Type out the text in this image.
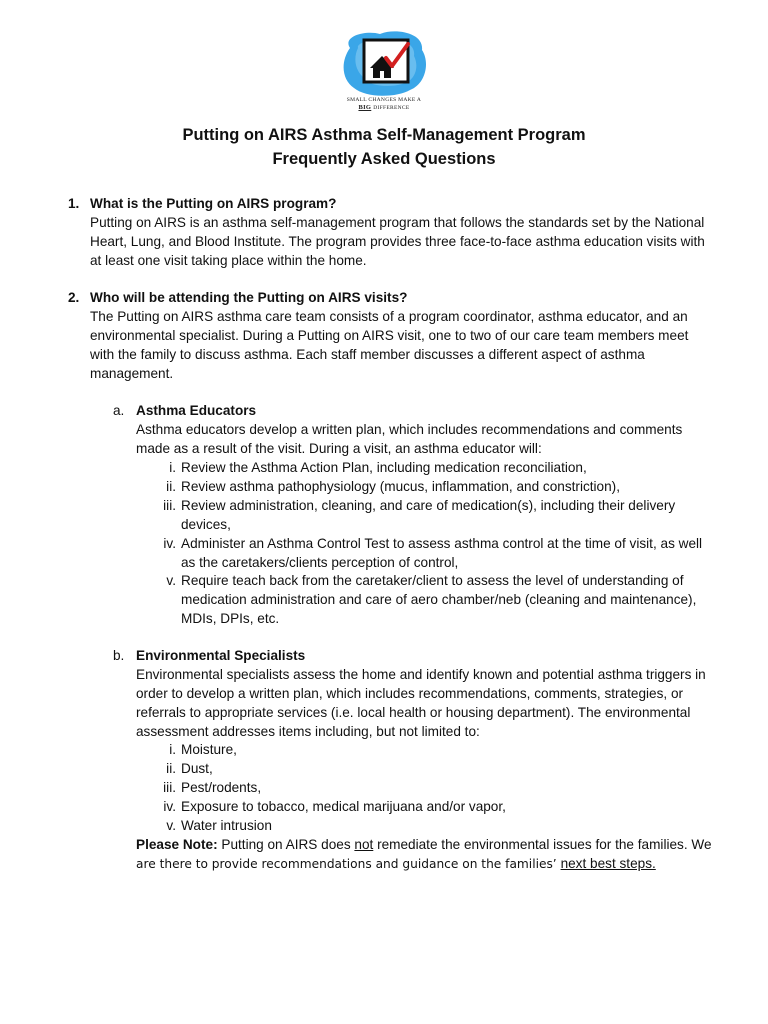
SMALL CHANGES MAKE A
BIG DIFFERENCE
Putting on AIRS Asthma Self-Management Program
Frequently Asked Questions
1. What is the Putting on AIRS program?
Putting on AIRS is an asthma self-management program that follows the standards set by the National
Heart, Lung, and Blood Institute. The program provides three face-to-face asthma education visits with
at least one visit taking place within the home.
2. Who will be attending the Putting on AIRS visits?
The Putting on AIRS asthma care team consists of a program coordinator, asthma educator, and an
environmental specialist. During a Putting on AIRS visit, one to two of our care team members meet
with the family to discuss asthma. Each staff member discusses a different aspect of asthma
management.
a. Asthma Educators
Asthma educators develop a written plan, which includes recommendations and comments
made as a result of the visit. During a visit, an asthma educator will:
i. Review the Asthma Action Plan, including medication reconciliation,
ii. Review asthma pathophysiology (mucus, inflammation, and constriction),
iii. Review administration, cleaning, and care of medication(s), including their delivery
devices,
iv. Administer an Asthma Control Test to assess asthma control at the time of visit, as well
as the caretakers/clients perception of control,
v. Require teach back from the caretaker/client to assess the level of understanding of
medication administration and care of aero chamber/neb (cleaning and maintenance),
MDIs, DPIs, etc.
b. Environmental Specialists
Environmental specialists assess the home and identify known and potential asthma triggers in
order to develop a written plan, which includes recommendations, comments, strategies, or
referrals to appropriate services (i.e. local health or housing department). The environmental
assessment addresses items including, but not limited to:
i. Moisture,
ii. Dust,
iii. Pest/rodents,
iv. Exposure to tobacco, medical marijuana and/or vapor,
v. Water intrusion
Please Note: Putting on AIRS does not remediate the environmental issues for the families. We
are there to provide recommendations and guidance on the families’ next best steps.
